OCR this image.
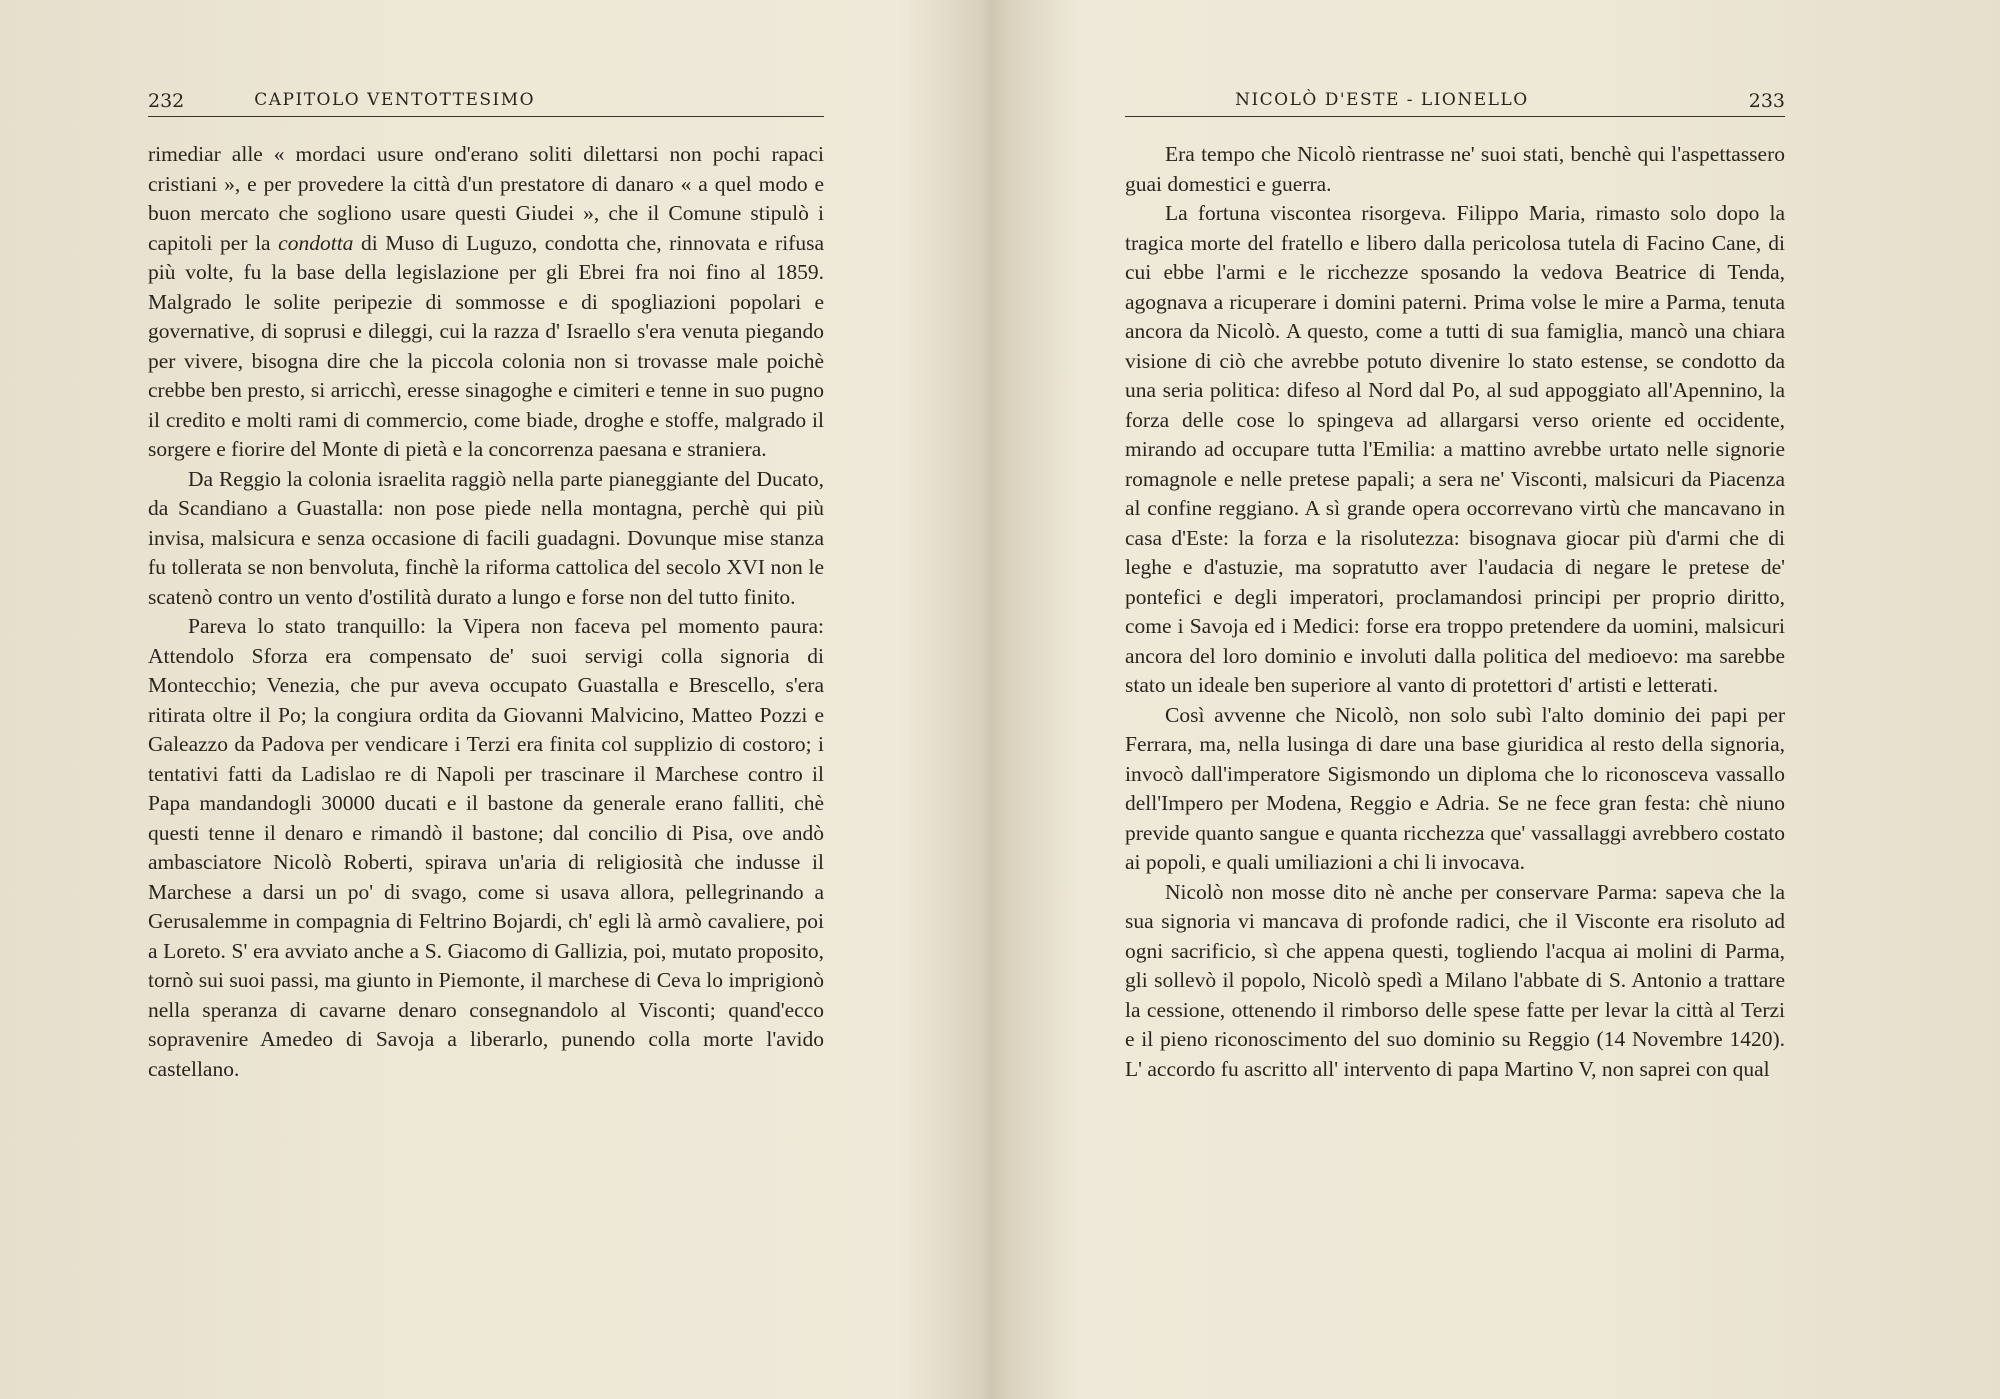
232	CAPITOLO VENTOTTESIMO

rimediar alle « mordaci usure ond'erano soliti dilettarsi non pochi rapaci cristiani », e per provedere la città d'un prestatore di danaro « a quel modo e buon mercato che sogliono usare questi Giudei », che il Comune stipulò i capitoli per la condotta di Muso di Luguzo, condotta che, rinnovata e rifusa più volte, fu la base della legislazione per gli Ebrei fra noi fino al 1859. Malgrado le solite peripezie di sommosse e di spogliazioni popolari e governative, di soprusi e dileggi, cui la razza d' Israello s'era venuta piegando per vivere, bisogna dire che la piccola colonia non si trovasse male poichè crebbe ben presto, si arricchì, eresse sinagoghe e cimiteri e tenne in suo pugno il credito e molti rami di commercio, come biade, droghe e stoffe, malgrado il sorgere e fiorire del Monte di pietà e la concorrenza paesana e straniera.

Da Reggio la colonia israelita raggiò nella parte pianeggiante del Ducato, da Scandiano a Guastalla: non pose piede nella montagna, perchè qui più invisa, malsicura e senza occasione di facili guadagni. Dovunque mise stanza fu tollerata se non benvoluta, finchè la riforma cattolica del secolo XVI non le scatenò contro un vento d'ostilità durato a lungo e forse non del tutto finito.

Pareva lo stato tranquillo: la Vipera non faceva pel momento paura: Attendolo Sforza era compensato de' suoi servigi colla signoria di Montecchio; Venezia, che pur aveva occupato Guastalla e Brescello, s'era ritirata oltre il Po; la congiura ordita da Giovanni Malvicino, Matteo Pozzi e Galeazzo da Padova per vendicare i Terzi era finita col supplizio di costoro; i tentativi fatti da Ladislao re di Napoli per trascinare il Marchese contro il Papa mandandogli 30000 ducati e il bastone da generale erano falliti, chè questi tenne il denaro e rimandò il bastone; dal concilio di Pisa, ove andò ambasciatore Nicolò Roberti, spirava un'aria di religiosità che indusse il Marchese a darsi un po' di svago, come si usava allora, pellegrinando a Gerusalemme in compagnia di Feltrino Bojardi, ch' egli là armò cavaliere, poi a Loreto. S' era avviato anche a S. Giacomo di Gallizia, poi, mutato proposito, tornò sui suoi passi, ma giunto in Piemonte, il marchese di Ceva lo imprigionò nella speranza di cavarne denaro consegnandolo al Visconti; quand'ecco sopravenire Amedeo di Savoja a liberarlo, punendo colla morte l'avido castellano.

NICOLÒ D'ESTE - LIONELLO	233

Era tempo che Nicolò rientrasse ne' suoi stati, benchè qui l'aspettassero guai domestici e guerra.

La fortuna viscontea risorgeva. Filippo Maria, rimasto solo dopo la tragica morte del fratello e libero dalla pericolosa tutela di Facino Cane, di cui ebbe l'armi e le ricchezze sposando la vedova Beatrice di Tenda, agognava a ricuperare i domini paterni. Prima volse le mire a Parma, tenuta ancora da Nicolò. A questo, come a tutti di sua famiglia, mancò una chiara visione di ciò che avrebbe potuto divenire lo stato estense, se condotto da una seria politica: difeso al Nord dal Po, al sud appoggiato all'Apennino, la forza delle cose lo spingeva ad allargarsi verso oriente ed occidente, mirando ad occupare tutta l'Emilia: a mattino avrebbe urtato nelle signorie romagnole e nelle pretese papali; a sera ne' Visconti, malsicuri da Piacenza al confine reggiano. A sì grande opera occorrevano virtù che mancavano in casa d'Este: la forza e la risolutezza: bisognava giocar più d'armi che di leghe e d'astuzie, ma sopratutto aver l'audacia di negare le pretese de' pontefici e degli imperatori, proclamandosi principi per proprio diritto, come i Savoja ed i Medici: forse era troppo pretendere da uomini, malsicuri ancora del loro dominio e involuti dalla politica del medioevo: ma sarebbe stato un ideale ben superiore al vanto di protettori d' artisti e letterati.

Così avvenne che Nicolò, non solo subì l'alto dominio dei papi per Ferrara, ma, nella lusinga di dare una base giuridica al resto della signoria, invocò dall'imperatore Sigismondo un diploma che lo riconosceva vassallo dell'Impero per Modena, Reggio e Adria. Se ne fece gran festa: chè niuno previde quanto sangue e quanta ricchezza que' vassallaggi avrebbero costato ai popoli, e quali umiliazioni a chi li invocava.

Nicolò non mosse dito nè anche per conservare Parma: sapeva che la sua signoria vi mancava di profonde radici, che il Visconte era risoluto ad ogni sacrificio, sì che appena questi, togliendo l'acqua ai molini di Parma, gli sollevò il popolo, Nicolò spedì a Milano l'abbate di S. Antonio a trattare la cessione, ottenendo il rimborso delle spese fatte per levar la città al Terzi e il pieno riconoscimento del suo dominio su Reggio (14 Novembre 1420). L' accordo fu ascritto all' intervento di papa Martino V, non saprei con qual
